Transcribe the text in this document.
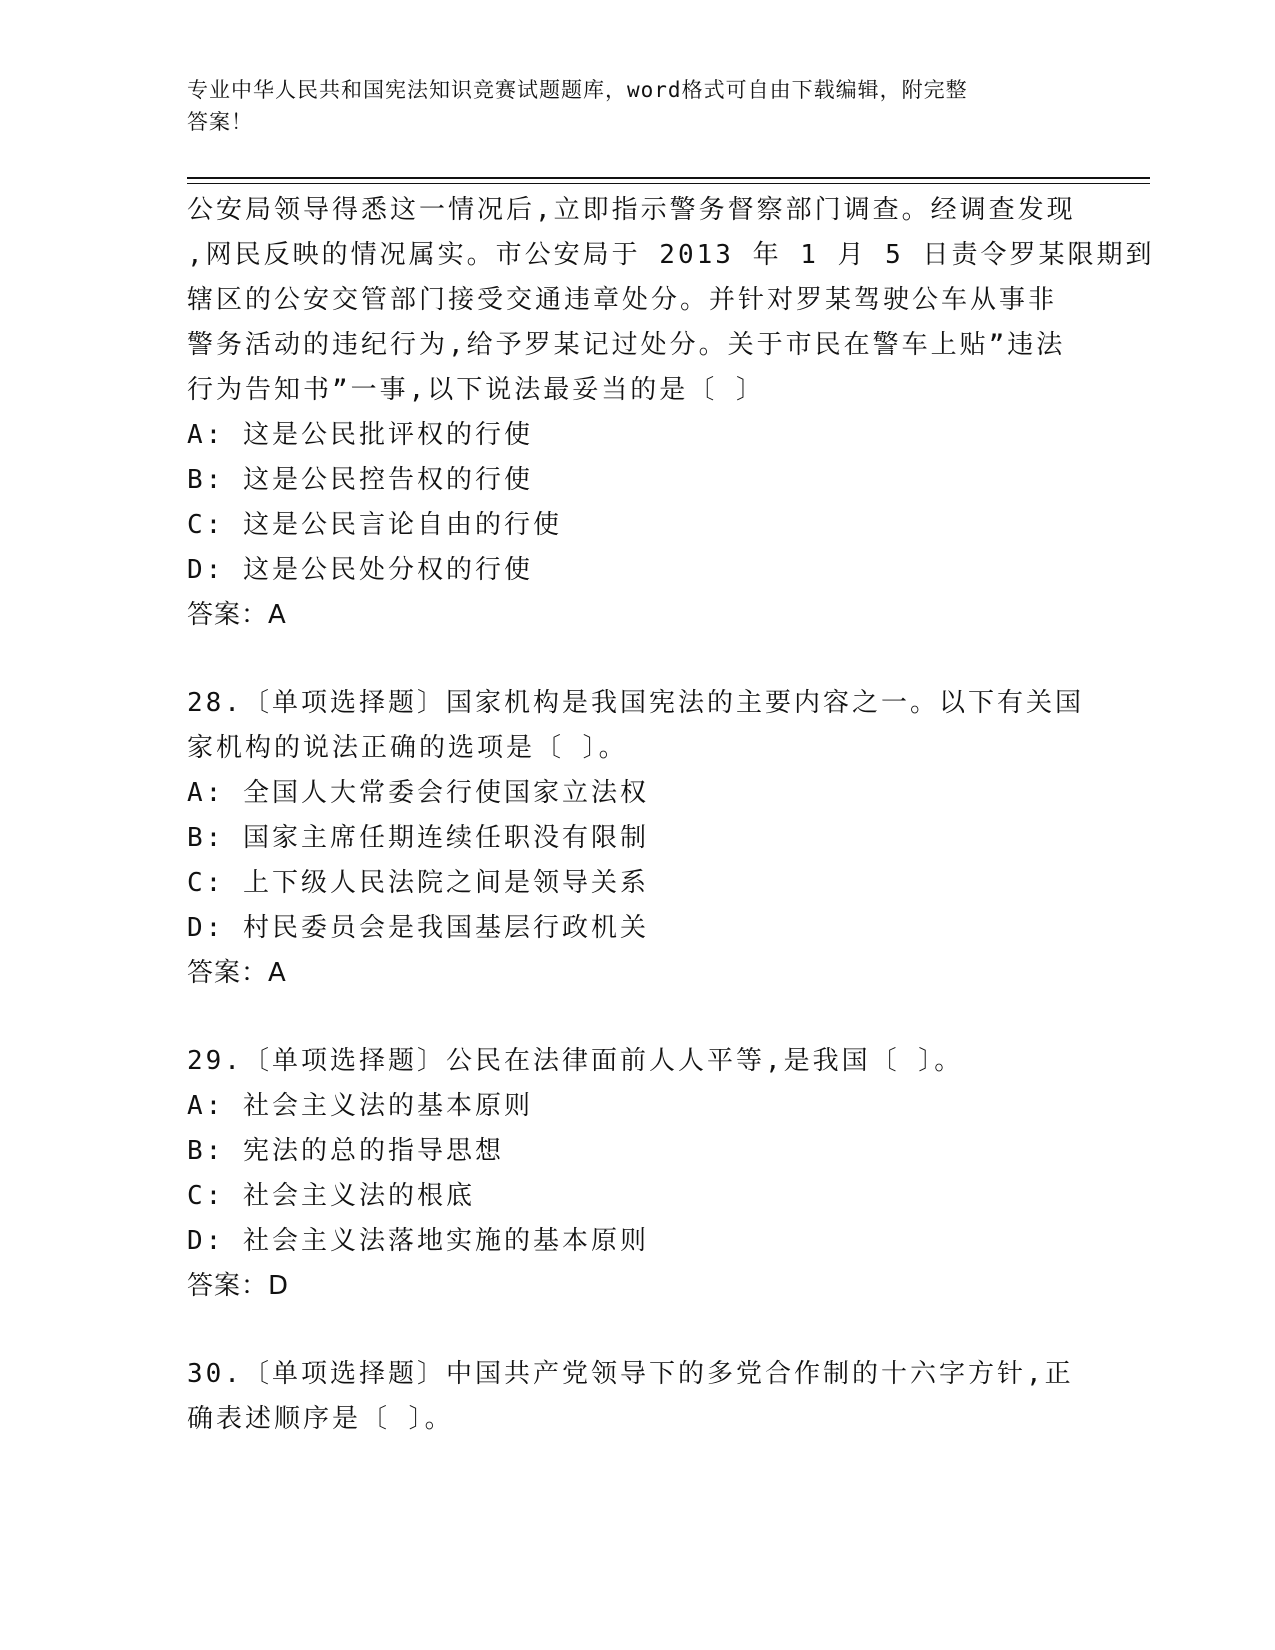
专业中华人民共和国宪法知识竞赛试题题库，word格式可自由下载编辑，附完整
答案！
公安局领导得悉这一情况后,立即指示警务督察部门调查。经调查发现
,网民反映的情况属实。市公安局于 2013 年 1 月 5 日责令罗某限期到
辖区的公安交管部门接受交通违章处分。并针对罗某驾驶公车从事非
警务活动的违纪行为,给予罗某记过处分。关于市民在警车上贴”违法
行为告知书”一事,以下说法最妥当的是〔 〕
A: 这是公民批评权的行使
B: 这是公民控告权的行使
C: 这是公民言论自由的行使
D: 这是公民处分权的行使
答案：A
28.〔单项选择题〕国家机构是我国宪法的主要内容之一。以下有关国
家机构的说法正确的选项是〔 〕。
A: 全国人大常委会行使国家立法权
B: 国家主席任期连续任职没有限制
C: 上下级人民法院之间是领导关系
D: 村民委员会是我国基层行政机关
答案：A
29.〔单项选择题〕公民在法律面前人人平等,是我国〔 〕。
A: 社会主义法的基本原则
B: 宪法的总的指导思想
C: 社会主义法的根底
D: 社会主义法落地实施的基本原则
答案：D
30.〔单项选择题〕中国共产党领导下的多党合作制的十六字方针,正
确表述顺序是〔 〕。
